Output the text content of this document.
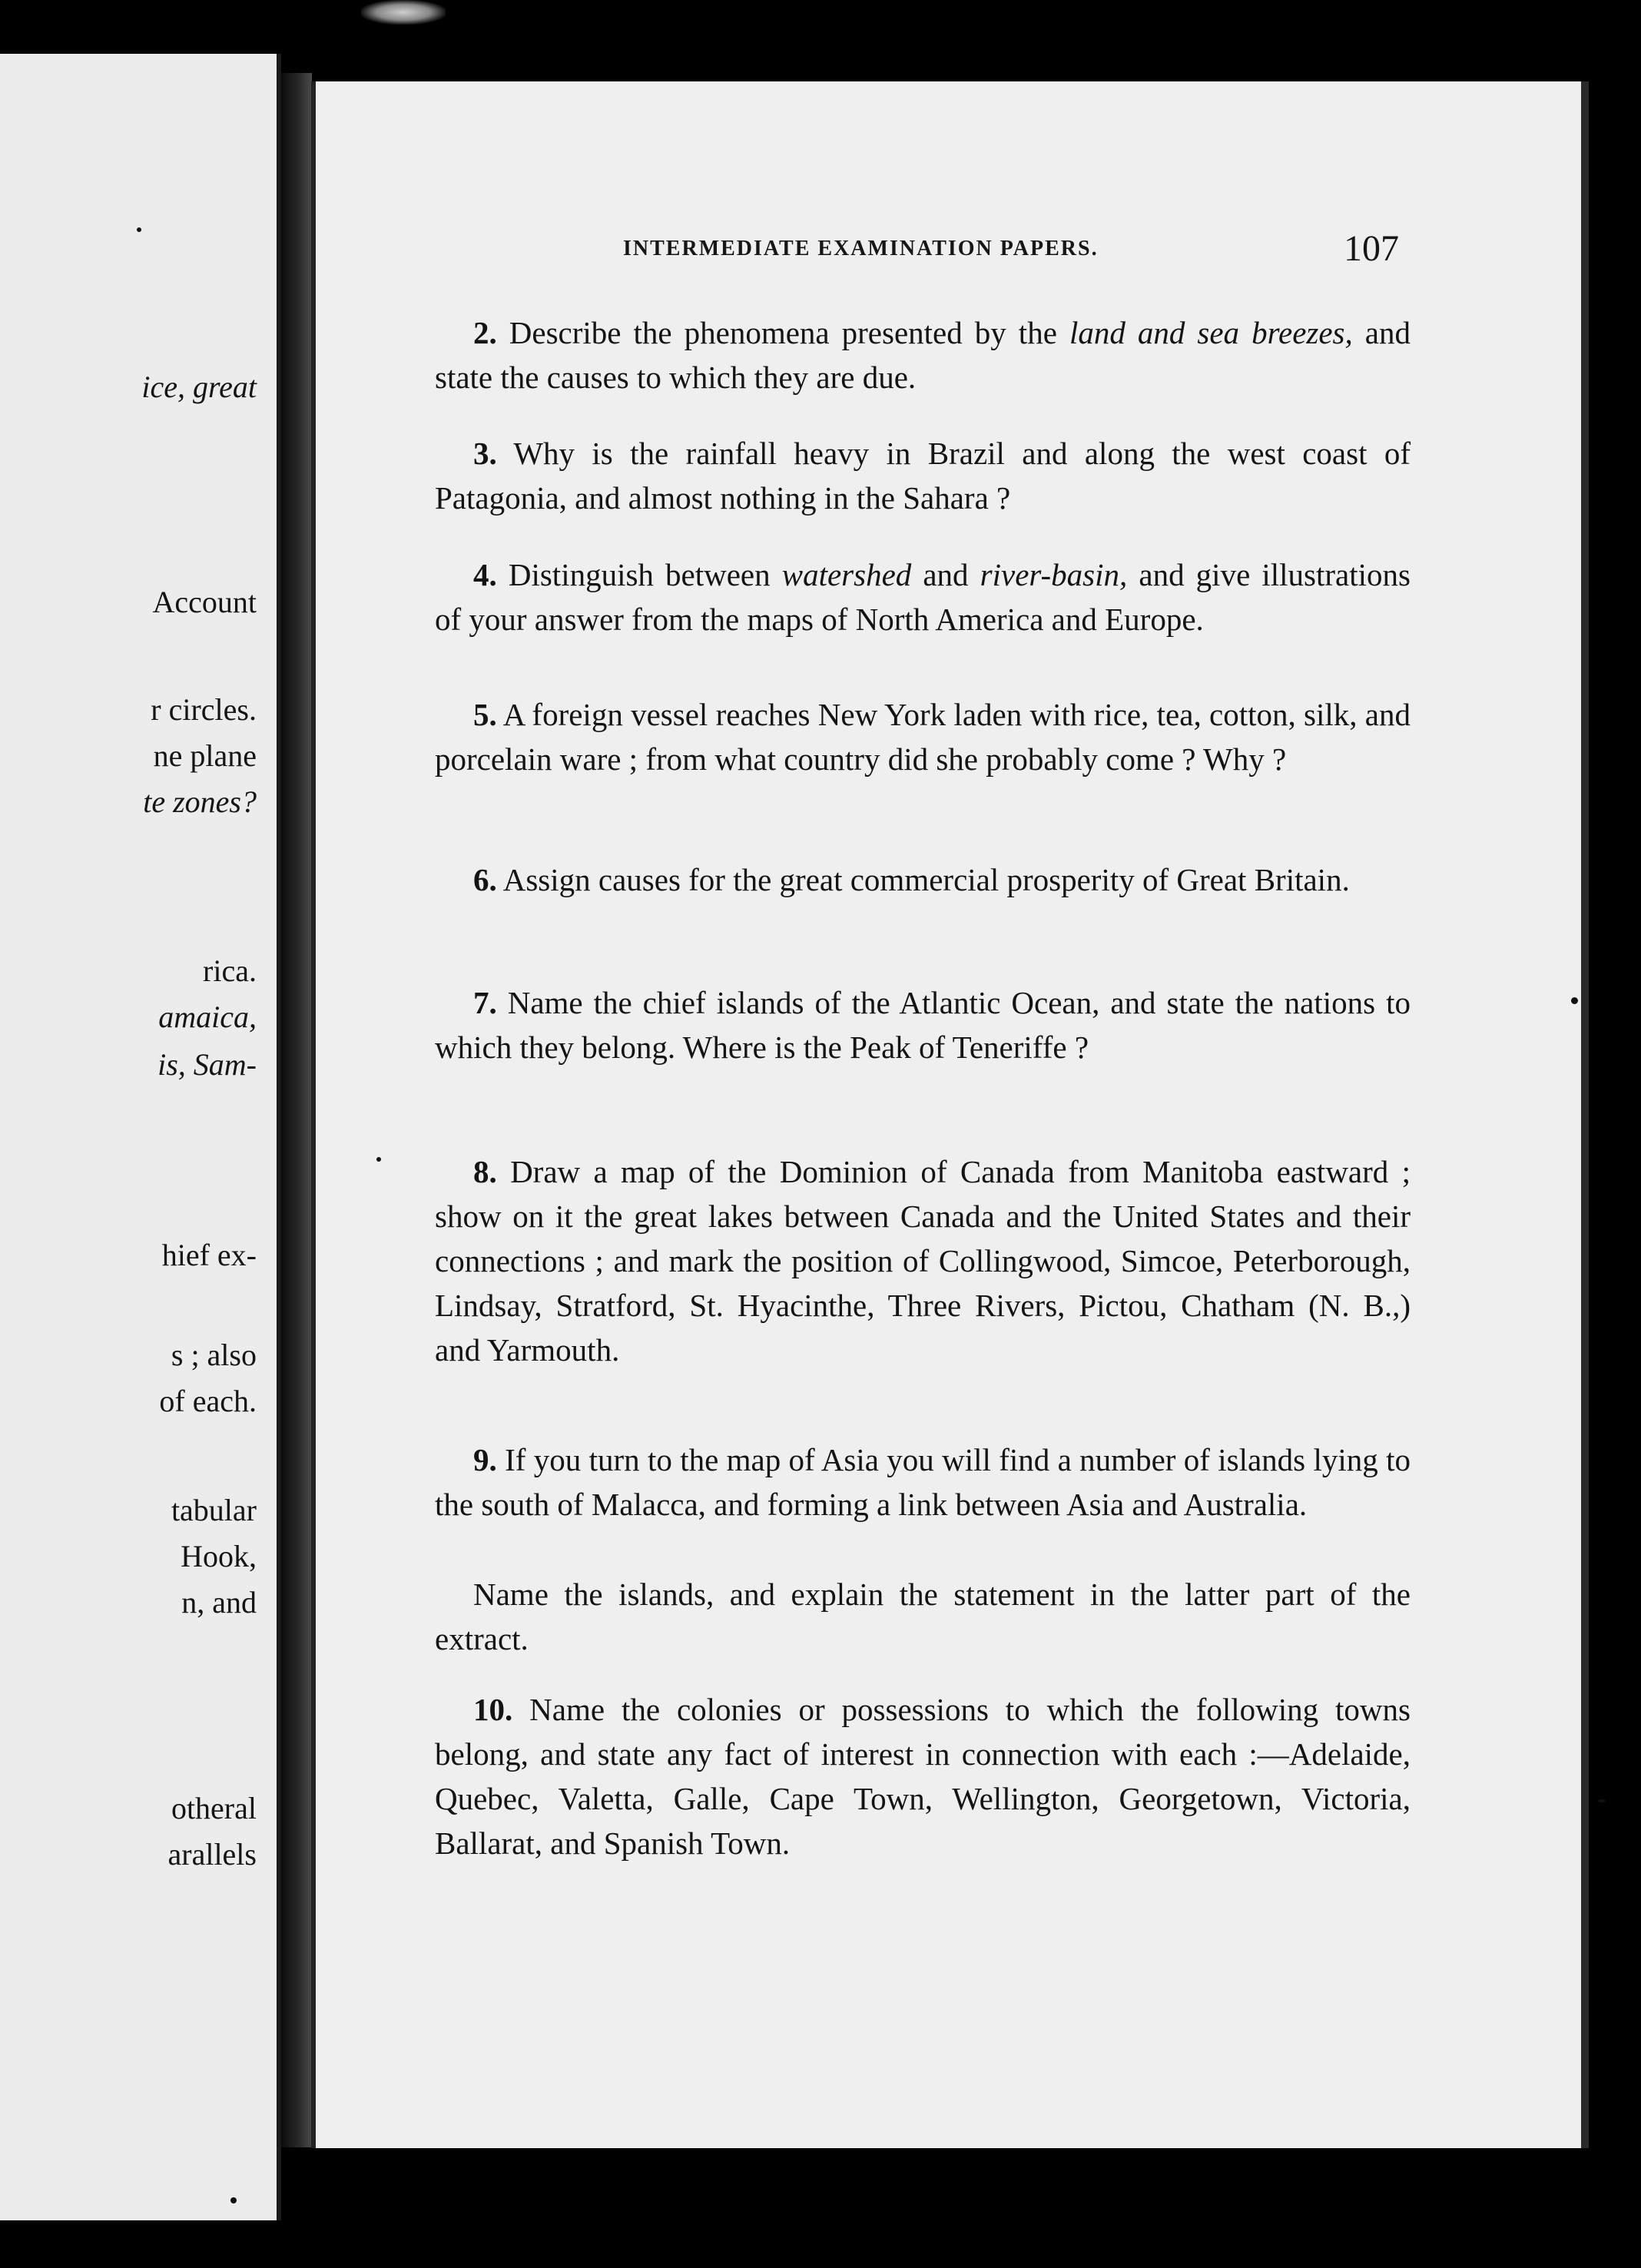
ice, great
Account
r circles.
ne plane
te zones?
rica.
amaica,
is, Sam-
hief ex-
s ; also
of each.
tabular
Hook,
n, and
otheral
arallels
INTERMEDIATE EXAMINATION PAPERS.	107

2. Describe the phenomena presented by the land and sea breezes, and state the causes to which they are due.

3. Why is the rainfall heavy in Brazil and along the west coast of Patagonia, and almost nothing in the Sahara ?

4. Distinguish between watershed and river-basin, and give illustrations of your answer from the maps of North America and Europe.

5. A foreign vessel reaches New York laden with rice, tea, cotton, silk, and porcelain ware ; from what country did she probably come ? Why ?

6. Assign causes for the great commercial prosperity of Great Britain.

7. Name the chief islands of the Atlantic Ocean, and state the nations to which they belong. Where is the Peak of Teneriffe ?

8. Draw a map of the Dominion of Canada from Manitoba eastward ; show on it the great lakes between Canada and the United States and their connections ; and mark the position of Collingwood, Simcoe, Peterborough, Lindsay, Stratford, St. Hyacinthe, Three Rivers, Pictou, Chatham (N. B.,) and Yarmouth.

9. If you turn to the map of Asia you will find a number of islands lying to the south of Malacca, and forming a link between Asia and Australia.

Name the islands, and explain the statement in the latter part of the extract.

10. Name the colonies or possessions to which the following towns belong, and state any fact of interest in connection with each :—Adelaide, Quebec, Valetta, Galle, Cape Town, Wellington, Georgetown, Victoria, Ballarat, and Spanish Town.
